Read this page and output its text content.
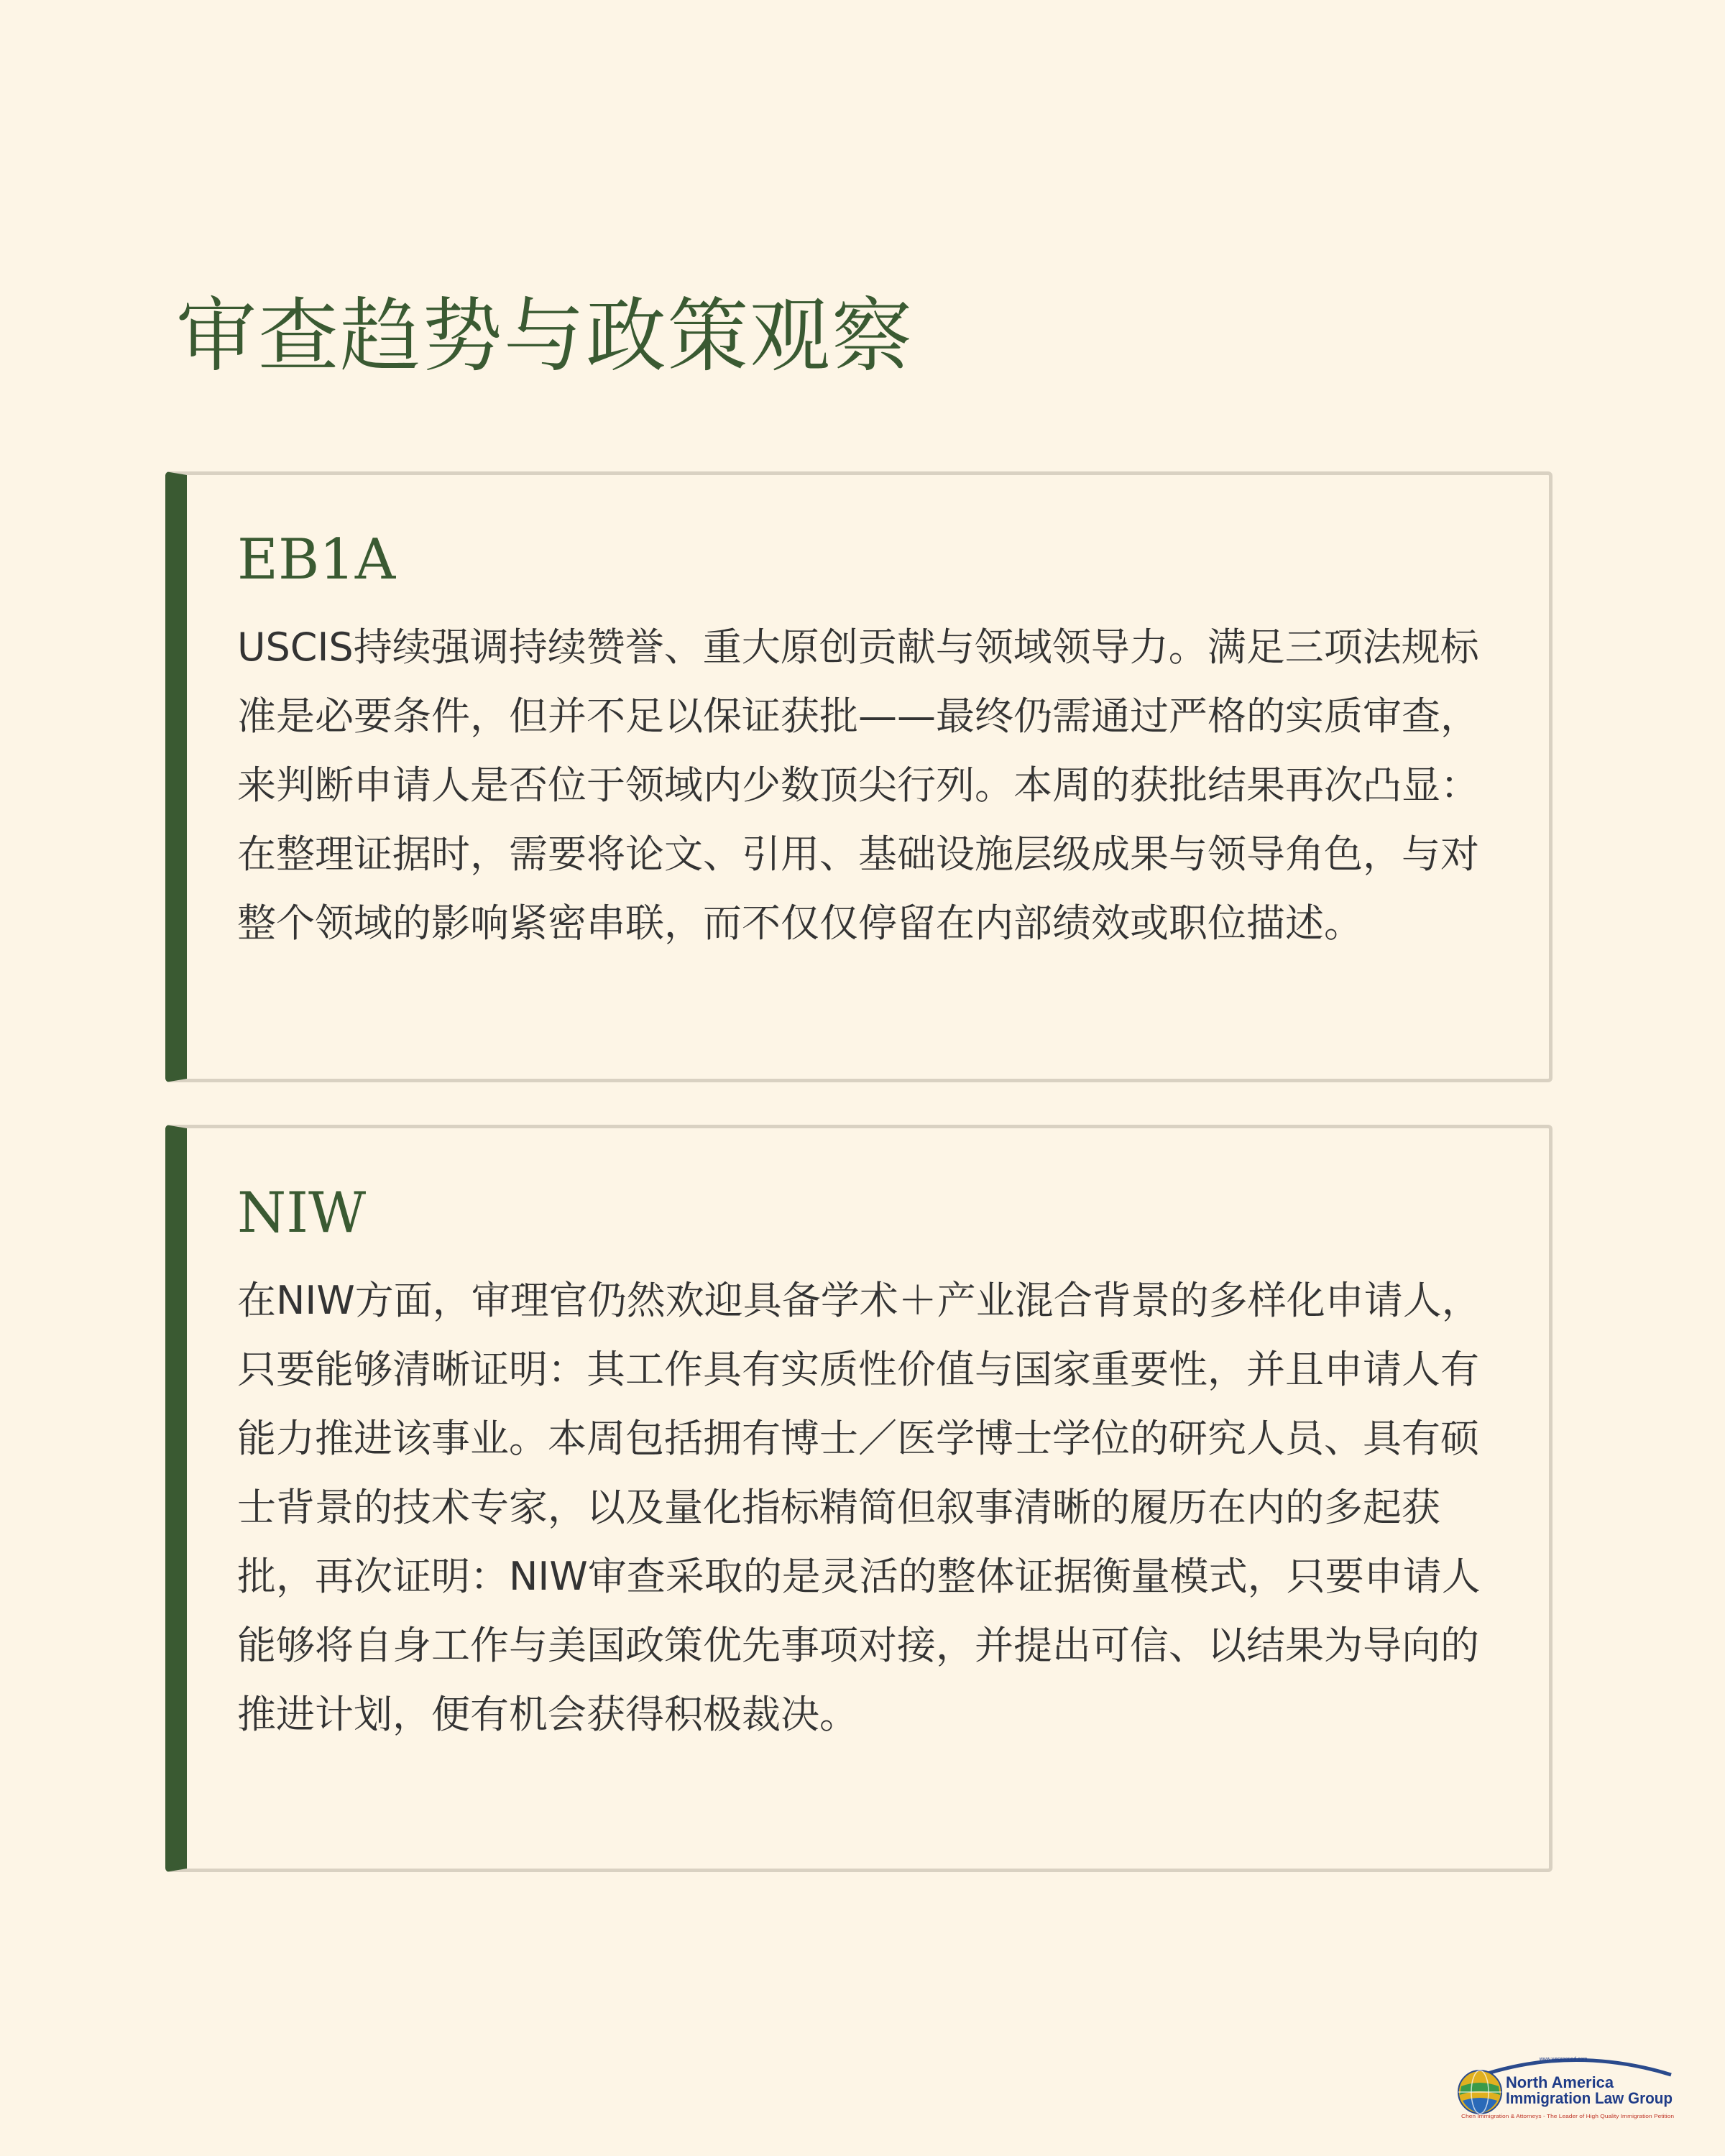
审查趋势与政策观察
EB1A

USCIS持续强调持续赞誉、重大原创贡献与领域领导力。满足三项法规标准是必要条件，但并不足以保证获批——最终仍需通过严格的实质审查，来判断申请人是否位于领域内少数顶尖行列。本周的获批结果再次凸显：在整理证据时，需要将论文、引用、基础设施层级成果与领导角色，与对整个领域的影响紧密串联，而不仅仅停留在内部绩效或职位描述。

NIW

在NIW方面，审理官仍然欢迎具备学术＋产业混合背景的多样化申请人，只要能够清晰证明：其工作具有实质性价值与国家重要性，并且申请人有能力推进该事业。本周包括拥有博士／医学博士学位的研究人员、具有硕士背景的技术专家，以及量化指标精简但叙事清晰的履历在内的多起获批，再次证明：NIW审查采取的是灵活的整体证据衡量模式，只要申请人能够将自身工作与美国政策优先事项对接，并提出可信、以结果为导向的推进计划，便有机会获得积极裁决。

www.wegreened.com
North America
Immigration Law Group
Chen Immigration & Attorneys - The Leader of High Quality Immigration Petition
